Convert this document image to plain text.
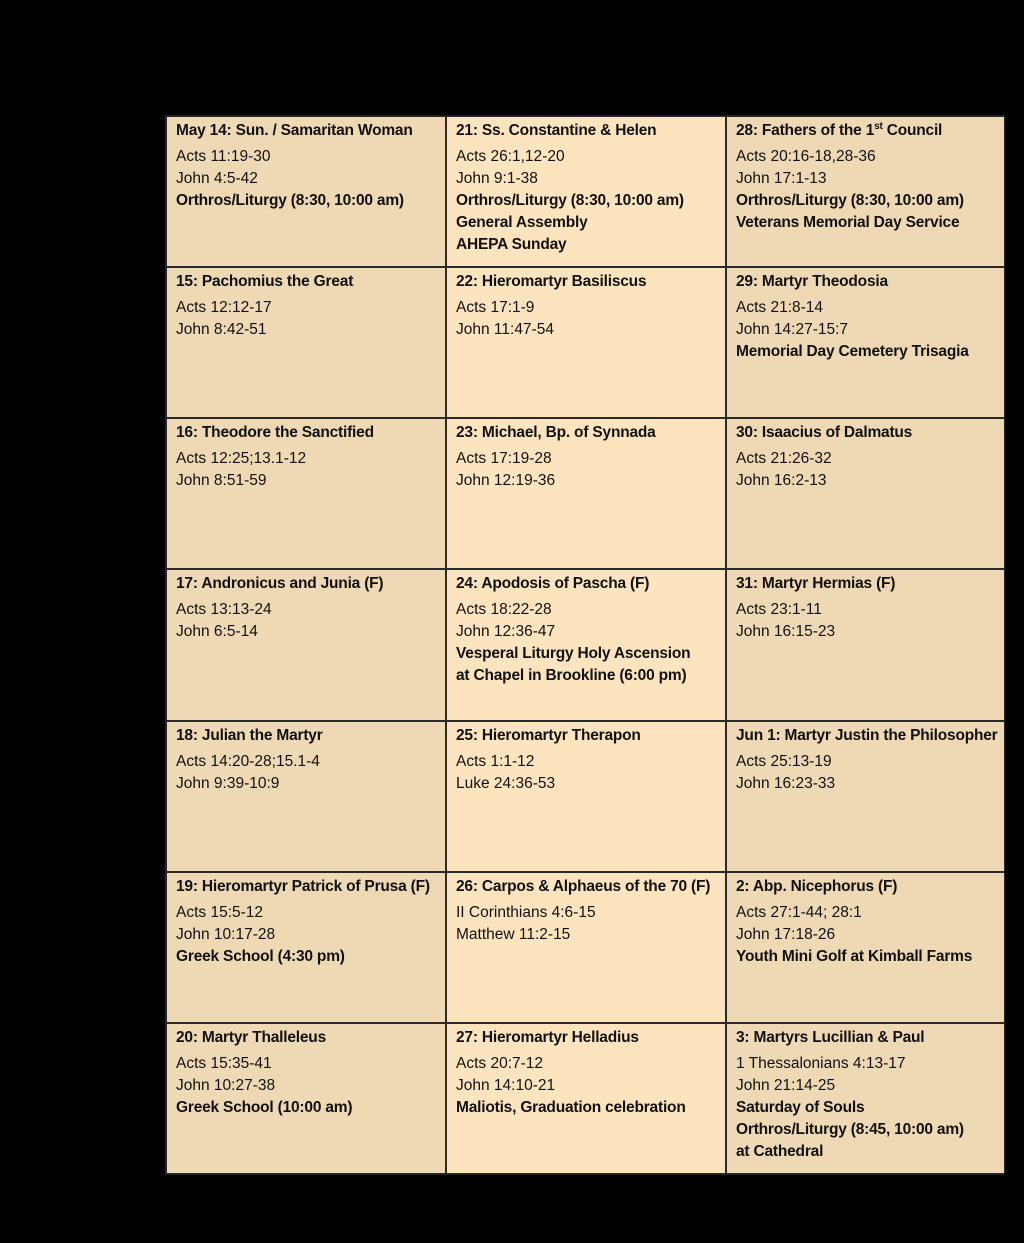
May 14: Sun. / Samaritan Woman
Acts 11:19-30
John 4:5-42
Orthros/Liturgy (8:30, 10:00 am)
21: Ss. Constantine & Helen
Acts 26:1,12-20
John 9:1-38
Orthros/Liturgy (8:30, 10:00 am)
General Assembly
AHEPA Sunday
28: Fathers of the 1st Council
Acts 20:16-18,28-36
John 17:1-13
Orthros/Liturgy (8:30, 10:00 am)
Veterans Memorial Day Service
15: Pachomius the Great
Acts 12:12-17
John 8:42-51
22: Hieromartyr Basiliscus
Acts 17:1-9
John 11:47-54
29: Martyr Theodosia
Acts 21:8-14
John 14:27-15:7
Memorial Day Cemetery Trisagia
16: Theodore the Sanctified
Acts 12:25;13.1-12
John 8:51-59
23: Michael, Bp. of Synnada
Acts 17:19-28
John 12:19-36
30: Isaacius of Dalmatus
Acts 21:26-32
John 16:2-13
17: Andronicus and Junia (F)
Acts 13:13-24
John 6:5-14
24: Apodosis of Pascha (F)
Acts 18:22-28
John 12:36-47
Vesperal Liturgy Holy Ascension
at Chapel in Brookline (6:00 pm)
31: Martyr Hermias (F)
Acts 23:1-11
John 16:15-23
18: Julian the Martyr
Acts 14:20-28;15.1-4
John 9:39-10:9
25: Hieromartyr Therapon
Acts 1:1-12
Luke 24:36-53
Jun 1: Martyr Justin the Philosopher
Acts 25:13-19
John 16:23-33
19: Hieromartyr Patrick of Prusa (F)
Acts 15:5-12
John 10:17-28
Greek School (4:30 pm)
26: Carpos & Alphaeus of the 70 (F)
II Corinthians 4:6-15
Matthew 11:2-15
2: Abp. Nicephorus (F)
Acts 27:1-44; 28:1
John 17:18-26
Youth Mini Golf at Kimball Farms
20: Martyr Thalleleus
Acts 15:35-41
John 10:27-38
Greek School (10:00 am)
27: Hieromartyr Helladius
Acts 20:7-12
John 14:10-21
Maliotis, Graduation celebration
3: Martyrs Lucillian & Paul
1 Thessalonians 4:13-17
John 21:14-25
Saturday of Souls
Orthros/Liturgy (8:45, 10:00 am)
at Cathedral
